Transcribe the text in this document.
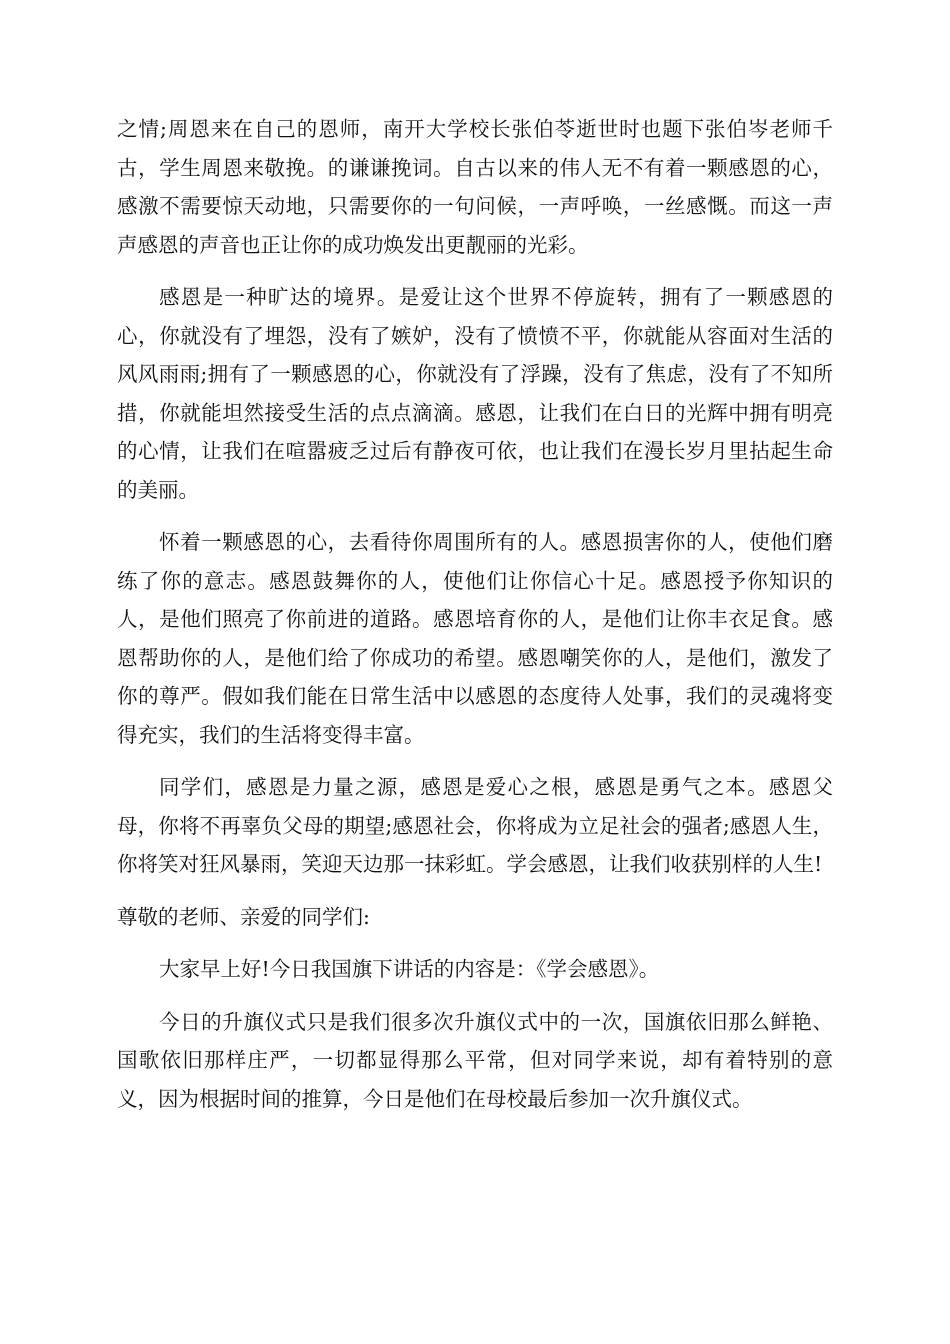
之情;周恩来在自己的恩师，南开大学校长张伯苓逝世时也题下张伯岑老师千古，学生周恩来敬挽。的谦谦挽词。自古以来的伟人无不有着一颗感恩的心，感激不需要惊天动地，只需要你的一句问候，一声呼唤，一丝感慨。而这一声声感恩的声音也正让你的成功焕发出更靓丽的光彩。

感恩是一种旷达的境界。是爱让这个世界不停旋转，拥有了一颗感恩的心，你就没有了埋怨，没有了嫉妒，没有了愤愤不平，你就能从容面对生活的风风雨雨;拥有了一颗感恩的心，你就没有了浮躁，没有了焦虑，没有了不知所措，你就能坦然接受生活的点点滴滴。感恩，让我们在白日的光辉中拥有明亮的心情，让我们在喧嚣疲乏过后有静夜可依，也让我们在漫长岁月里拈起生命的美丽。

怀着一颗感恩的心，去看待你周围所有的人。感恩损害你的人，使他们磨练了你的意志。感恩鼓舞你的人，使他们让你信心十足。感恩授予你知识的人，是他们照亮了你前进的道路。感恩培育你的人，是他们让你丰衣足食。感恩帮助你的人，是他们给了你成功的希望。感恩嘲笑你的人，是他们，激发了你的尊严。假如我们能在日常生活中以感恩的态度待人处事，我们的灵魂将变得充实，我们的生活将变得丰富。

同学们，感恩是力量之源，感恩是爱心之根，感恩是勇气之本。感恩父母，你将不再辜负父母的期望;感恩社会，你将成为立足社会的强者;感恩人生，你将笑对狂风暴雨，笑迎天边那一抹彩虹。学会感恩，让我们收获别样的人生!

尊敬的老师、亲爱的同学们:

大家早上好!今日我国旗下讲话的内容是：《学会感恩》。

今日的升旗仪式只是我们很多次升旗仪式中的一次，国旗依旧那么鲜艳、国歌依旧那样庄严，一切都显得那么平常，但对同学来说，却有着特别的意义，因为根据时间的推算，今日是他们在母校最后参加一次升旗仪式。
